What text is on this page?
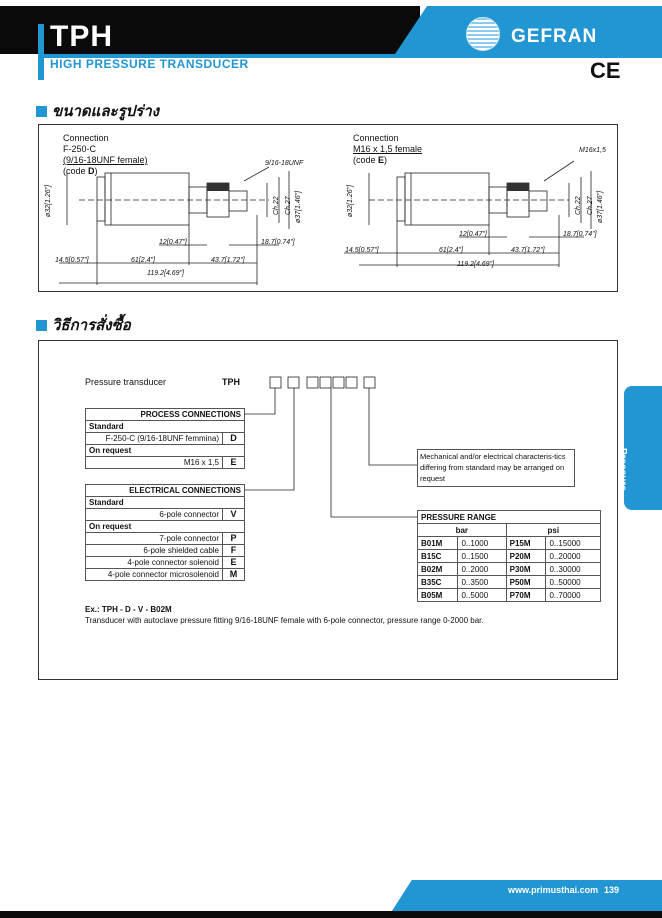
TPH
HIGH PRESSURE TRANSDUCER
GEFRAN
CE
ขนาดและรูปร่าง
Connection
F-250-C
(9/16-18UNF female)
(code D)
9/16-18UNF
ø32[1.26"]	Ch.22 Ch.27 ø37[1.46"]
12[0.47"]	18.7[0.74"]
14.5[0.57"]	61[2.4"]	43.7[1.72"]
119.2[4.69"]
Connection
M16 x 1,5 female
(code E)
M16x1,5
ø32[1.26"]	Ch.22 Ch.27 ø37[1.46"]
12[0.47"]	18.7[0.74"]
14.5[0.57"]	61[2.4"]	43.7[1.72"]
119.2[4.69"]
วิธีการสั่งซื้อ
Pressure transducer	TPH
PROCESS CONNECTIONS	
Standard	
F-250-C (9/16-18UNF femmina)	D
On request	
M16 x 1,5	E
ELECTRICAL CONNECTIONS	
Standard	
6-pole connector	V
On request	
7-pole connector	P
6-pole shielded cable	F
4-pole connector solenoid	E
4-pole connector microsolenoid	M
Mechanical and/or electrical characteris-tics differing from standard may be arranged on request
PRESSURE RANGE			
bar		psi	
B01M	0..1000	P15M	0..15000
B15C	0..1500	P20M	0..20000
B02M	0..2000	P30M	0..30000
B35C	0..3500	P50M	0..50000
B05M	0..5000	P70M	0..70000
Ex.: TPH - D - V - B02M
Transducer with autoclave pressure fitting 9/16-18UNF female with 6-pole connector, pressure range 0-2000 bar.
Pressure
Transmitter
www.primusthai.com 139
